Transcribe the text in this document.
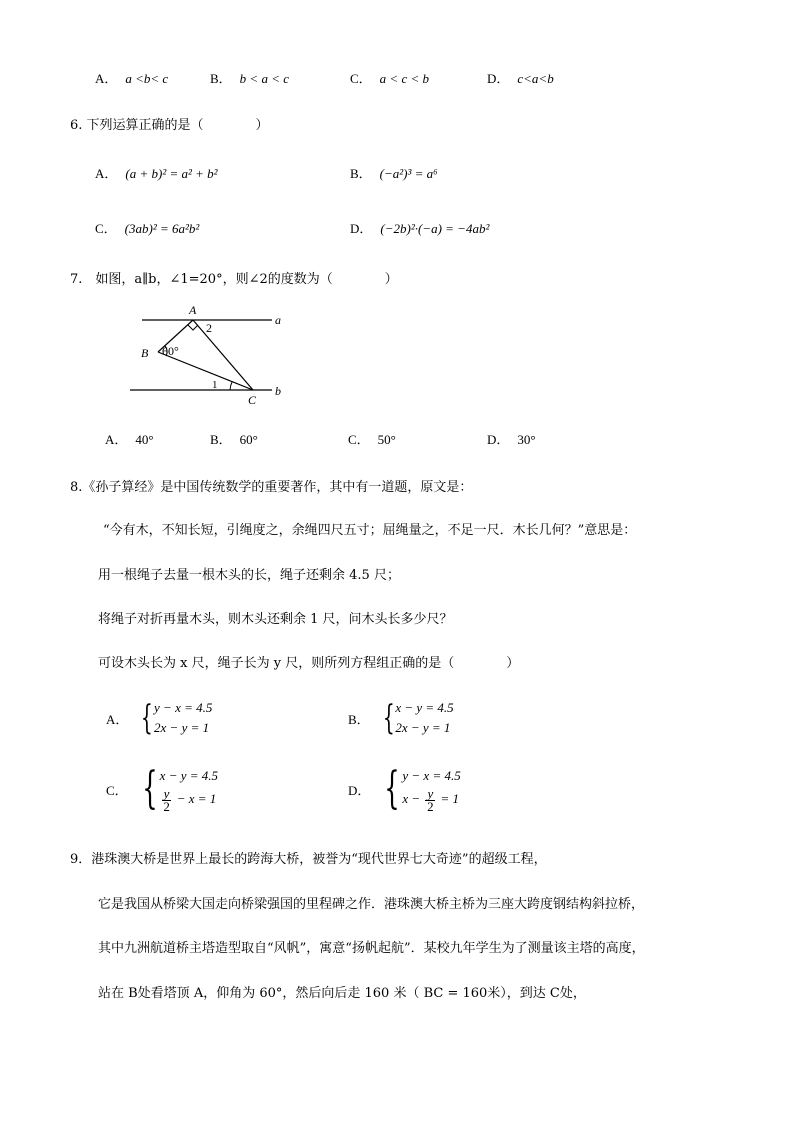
A． a <b< c	B． b < a < c	C． a < c < b	D． c<a<b
6. 下列运算正确的是（　　　　）
A． (a + b)² = a² + b²	B． (−a²)³ = a⁶
C． (3ab)² = 6a²b²	D． (−2b)²·(−a) = −4ab²
7.　如图，a∥b，∠1=20°，则∠2的度数为（　　　　）
A
2
a
B 60°
1
C
b
A． 40°	B． 60°	C． 50°	D． 30°
8.《孙子算经》是中国传统数学的重要著作，其中有一道题，原文是：
“今有木，不知长短，引绳度之，余绳四尺五寸；屈绳量之，不足一尺．木长几何？”意思是：
用一根绳子去量一根木头的长，绳子还剩余 4.5 尺；
将绳子对折再量木头，则木头还剩余 1 尺，问木头长多少尺？
可设木头长为 x 尺，绳子长为 y 尺，则所列方程组正确的是（　　　　）
A． { y − x = 4.5
2x − y = 1
B． { x − y = 4.5
2x − y = 1
C． { x − y = 4.5
$\frac{y}{2} - x = 1$
D． { y − x = 4.5
$x - \frac{y}{2} = 1$
9．港珠澳大桥是世界上最长的跨海大桥，被誉为“现代世界七大奇迹”的超级工程，
它是我国从桥梁大国走向桥梁强国的里程碑之作．港珠澳大桥主桥为三座大跨度钢结构斜拉桥，
其中九洲航道桥主塔造型取自“风帆”，寓意“扬帆起航”．某校九年学生为了测量该主塔的高度，
站在 B处看塔顶 A，仰角为 60°，然后向后走 160 米（ BC = 160米），到达 C处，
